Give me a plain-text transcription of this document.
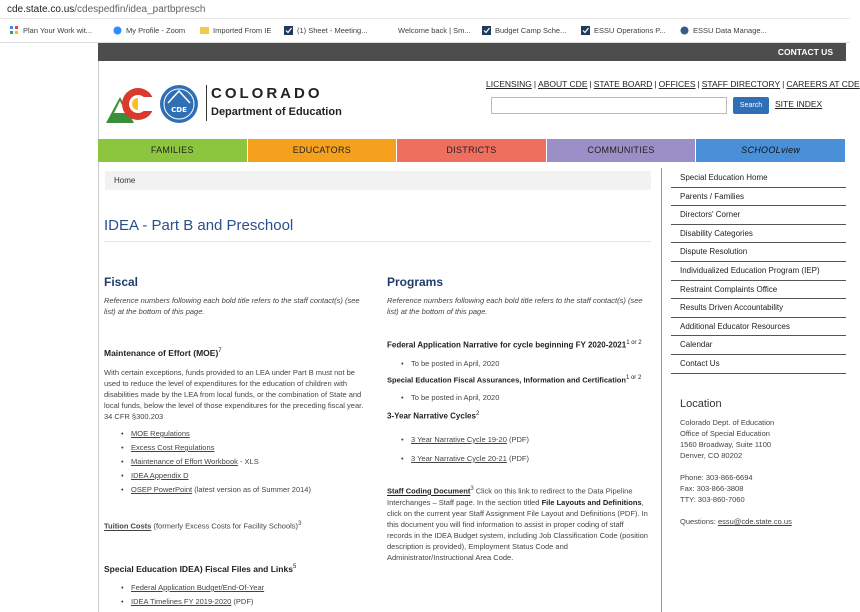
cde.state.co.us/cdespedfin/idea_partbpresch
Plan Your Work wit...	My Profile - Zoom	Imported From IE	(1) Sheet - Meeting...	Welcome back | Sm...	Budget Camp Sche...	ESSU Operations P...	ESSU Data Manage...
CONTACT US
CDE
COLORADO
Department of Education
LICENSING | ABOUT CDE | STATE BOARD | OFFICES | STAFF DIRECTORY | CAREERS AT CDE
Search	SITE INDEX
FAMILIES	EDUCATORS	DISTRICTS	COMMUNITIES	SCHOOLview
Home
IDEA - Part B and Preschool
Fiscal
Reference numbers following each bold title refers to the staff contact(s) (see list) at the bottom of this page.
Maintenance of Effort (MOE)$^7$
With certain exceptions, funds provided to an LEA under Part B must not be used to reduce the level of expenditures for the education of children with disabilities made by the LEA from local funds, or the combination of State and local funds, below the level of those expenditures for the preceding fiscal year. 34 CFR §300.203
• MOE Regulations
• Excess Cost Regulations
• Maintenance of Effort Workbook - XLS
• IDEA Appendix D
• OSEP PowerPoint (latest version as of Summer 2014)
Tuition Costs (formerly Excess Costs for Facility Schools)$^3$
Special Education IDEA) Fiscal Files and Links$^5$
• Federal Application Budget/End-Of-Year
• IDEA Timelines FY 2019-2020 (PDF)
Programs
Reference numbers following each bold title refers to the staff contact(s) (see list) at the bottom of this page.
Federal Application Narrative for cycle beginning FY $2020-2021^{1 or 2}$
• To be posted in April, 2020
Special Education Fiscal Assurances, Information and Certification$^{1 or 2}$
• To be posted in April, 2020
3-Year Narrative Cycles$^2$
• 3 Year Narrative Cycle 19-20 (PDF)
• 3 Year Narrative Cycle 20-21 (PDF)
Staff Coding Document$^3$ Click on this link to redirect to the Data Pipeline Interchanges – Staff page. In the section titled File Layouts and Definitions, click on the current year Staff Assignment File Layout and Definitions (PDF). In this document you will find information to assist in proper coding of staff records in the IDEA Budget system, including Job Classification Code (position description is provided), Employment Status Code and Administrator/Instructional Area Code.
Special Education Home
Parents / Families
Directors' Corner
Disability Categories
Dispute Resolution
Individualized Education Program (IEP)
Restraint Complaints Office
Results Driven Accountability
Additional Educator Resources
Calendar
Contact Us
Location
Colorado Dept. of Education
Office of Special Education
1560 Broadway, Suite 1100
Denver, CO 80202
Phone: 303-866-6694
Fax: 303-866-3808
TTY: 303-860-7060
Questions: essu@cde.state.co.us
